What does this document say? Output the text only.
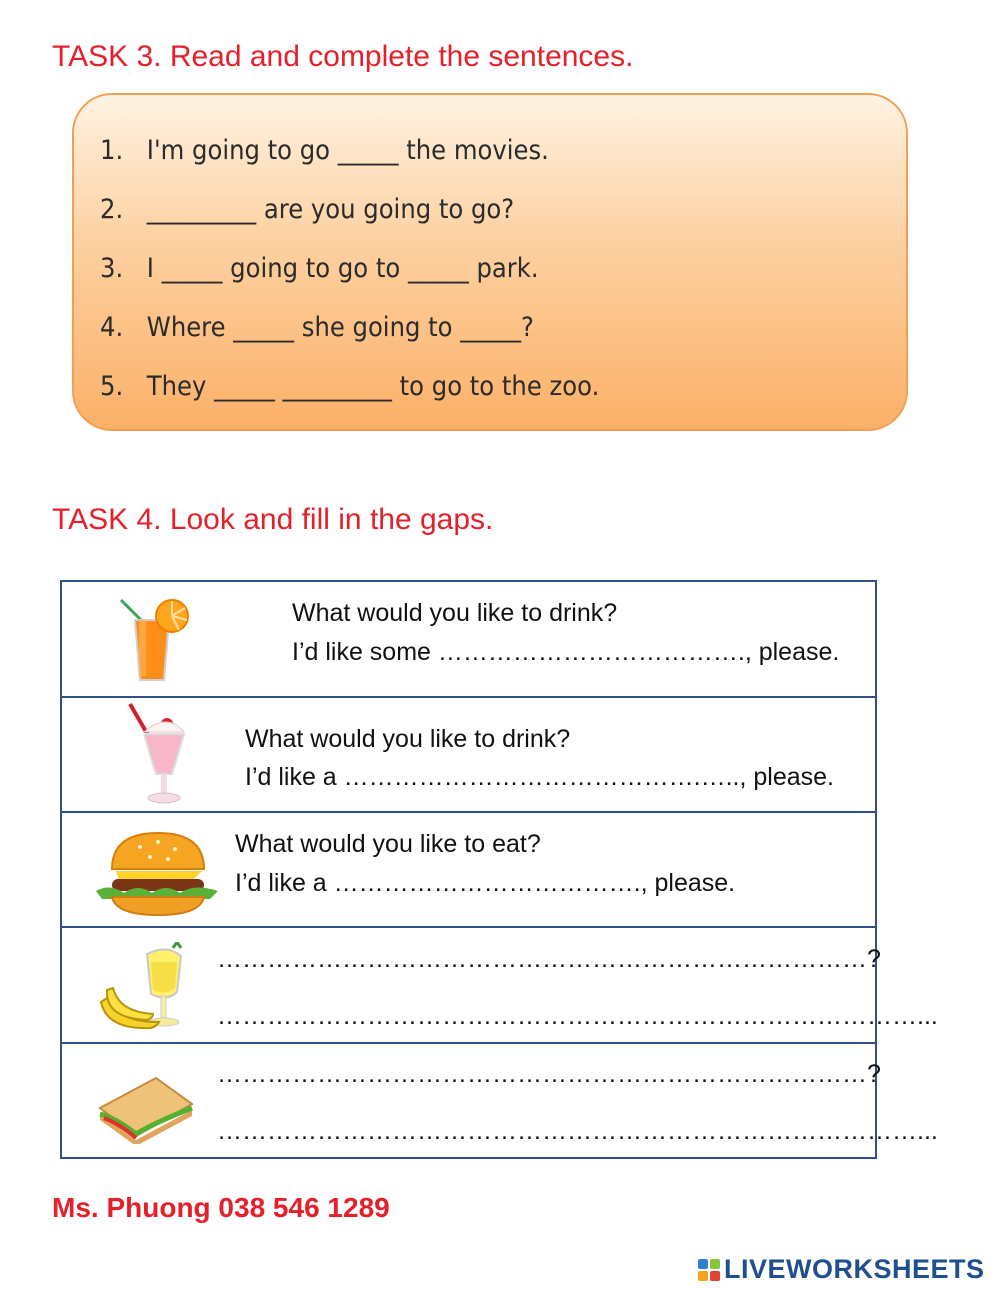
TASK 3. Read and complete the sentences.
1. I'm going to go _____ the movies.
2. _________ are you going to go?
3. I _____ going to go to _____ park.
4. Where _____ she going to _____?
5. They _____ _________ to go to the zoo.
TASK 4. Look and fill in the gaps.

What would you like to drink?

I’d like some ………………………………., please.

What would you like to drink?

I’d like a …………………………………….….., please.

What would you like to eat?

I’d like a ………………………………., please.

……………………………………………………………………?

…………………………………………………………………………...

……………………………………………………………………?

…………………………………………………………………………...

Ms. Phuong 038 546 1289
LIVEWORKSHEETS
